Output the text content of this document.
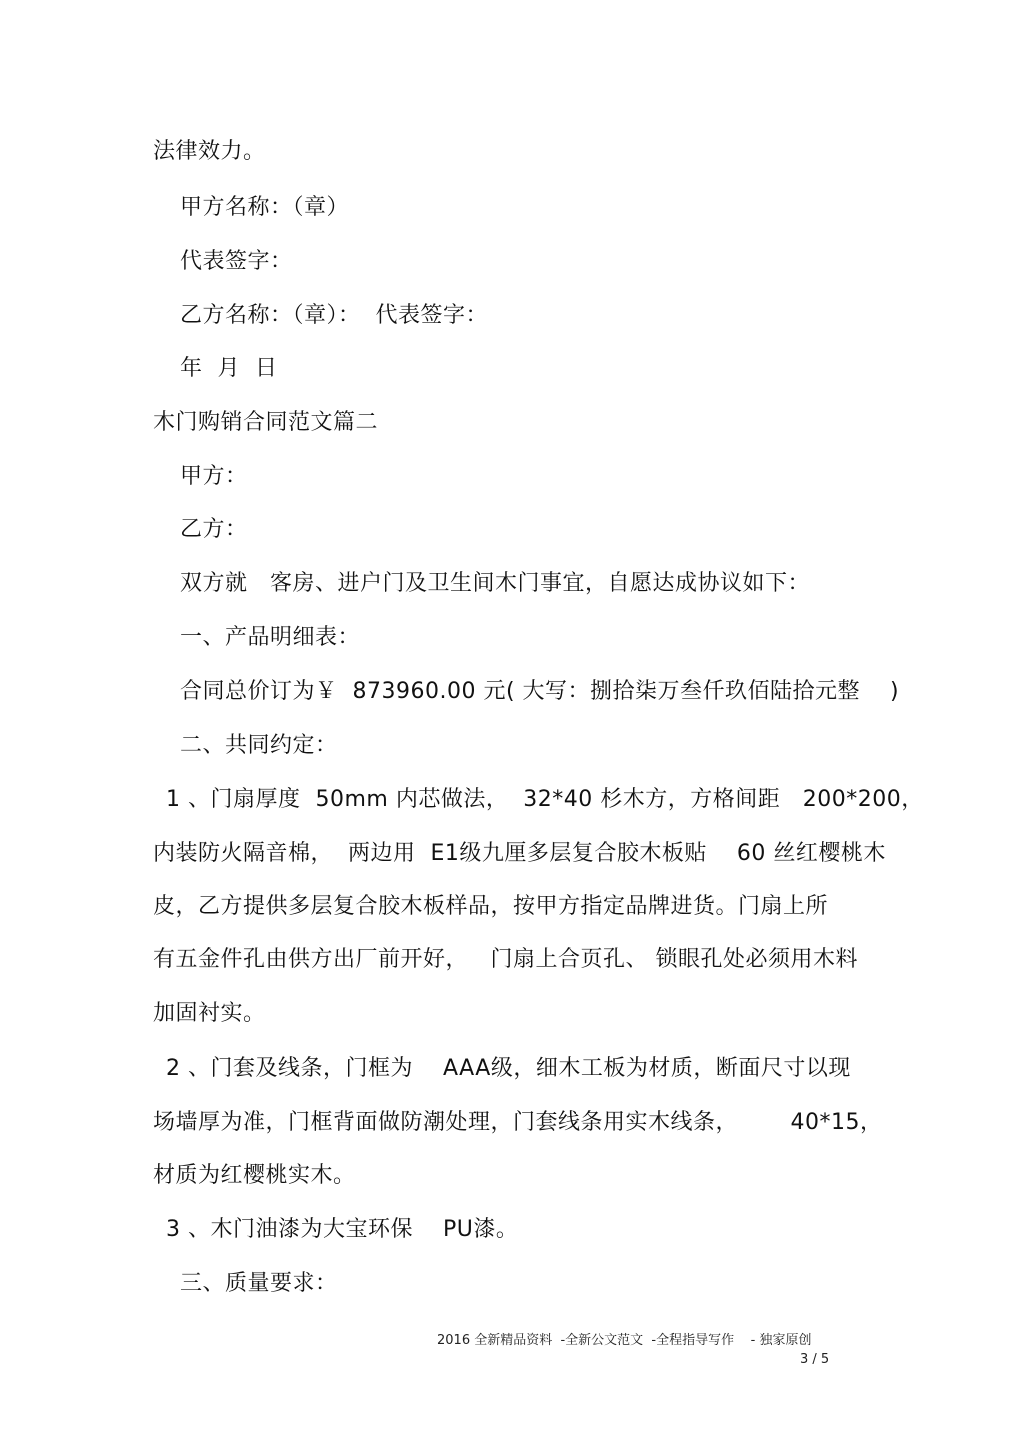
法律效力。
甲方名称：（章）
代表签字：
乙方名称：（章）：  代表签字：
年  月  日
木门购销合同范文篇二
甲方：
乙方：
双方就   客房、进户门及卫生间木门事宜，自愿达成协议如下：
一、产品明细表：
合同总价订为￥  873960.00 元( 大写：捌拾柒万叁仟玖佰陆拾元整    )
二、共同约定：
1 、门扇厚度  50mm 内芯做法，  32*40 杉木方，方格间距   200*200，
内装防火隔音棉，  两边用  E1级九厘多层复合胶木板贴    60 丝红樱桃木
皮，乙方提供多层复合胶木板样品，按甲方指定品牌进货。门扇上所
有五金件孔由供方出厂前开好，   门扇上合页孔、 锁眼孔处必须用木料
加固衬实。
2 、门套及线条，门框为    AAA级，细木工板为材质，断面尺寸以现
场墙厚为准，门框背面做防潮处理，门套线条用实木线条，       40*15，
材质为红樱桃实木。
3 、木门油漆为大宝环保    PU漆。
三、质量要求：
2016 全新精品资料  -全新公文范文  -全程指导写作    - 独家原创
3 / 5
